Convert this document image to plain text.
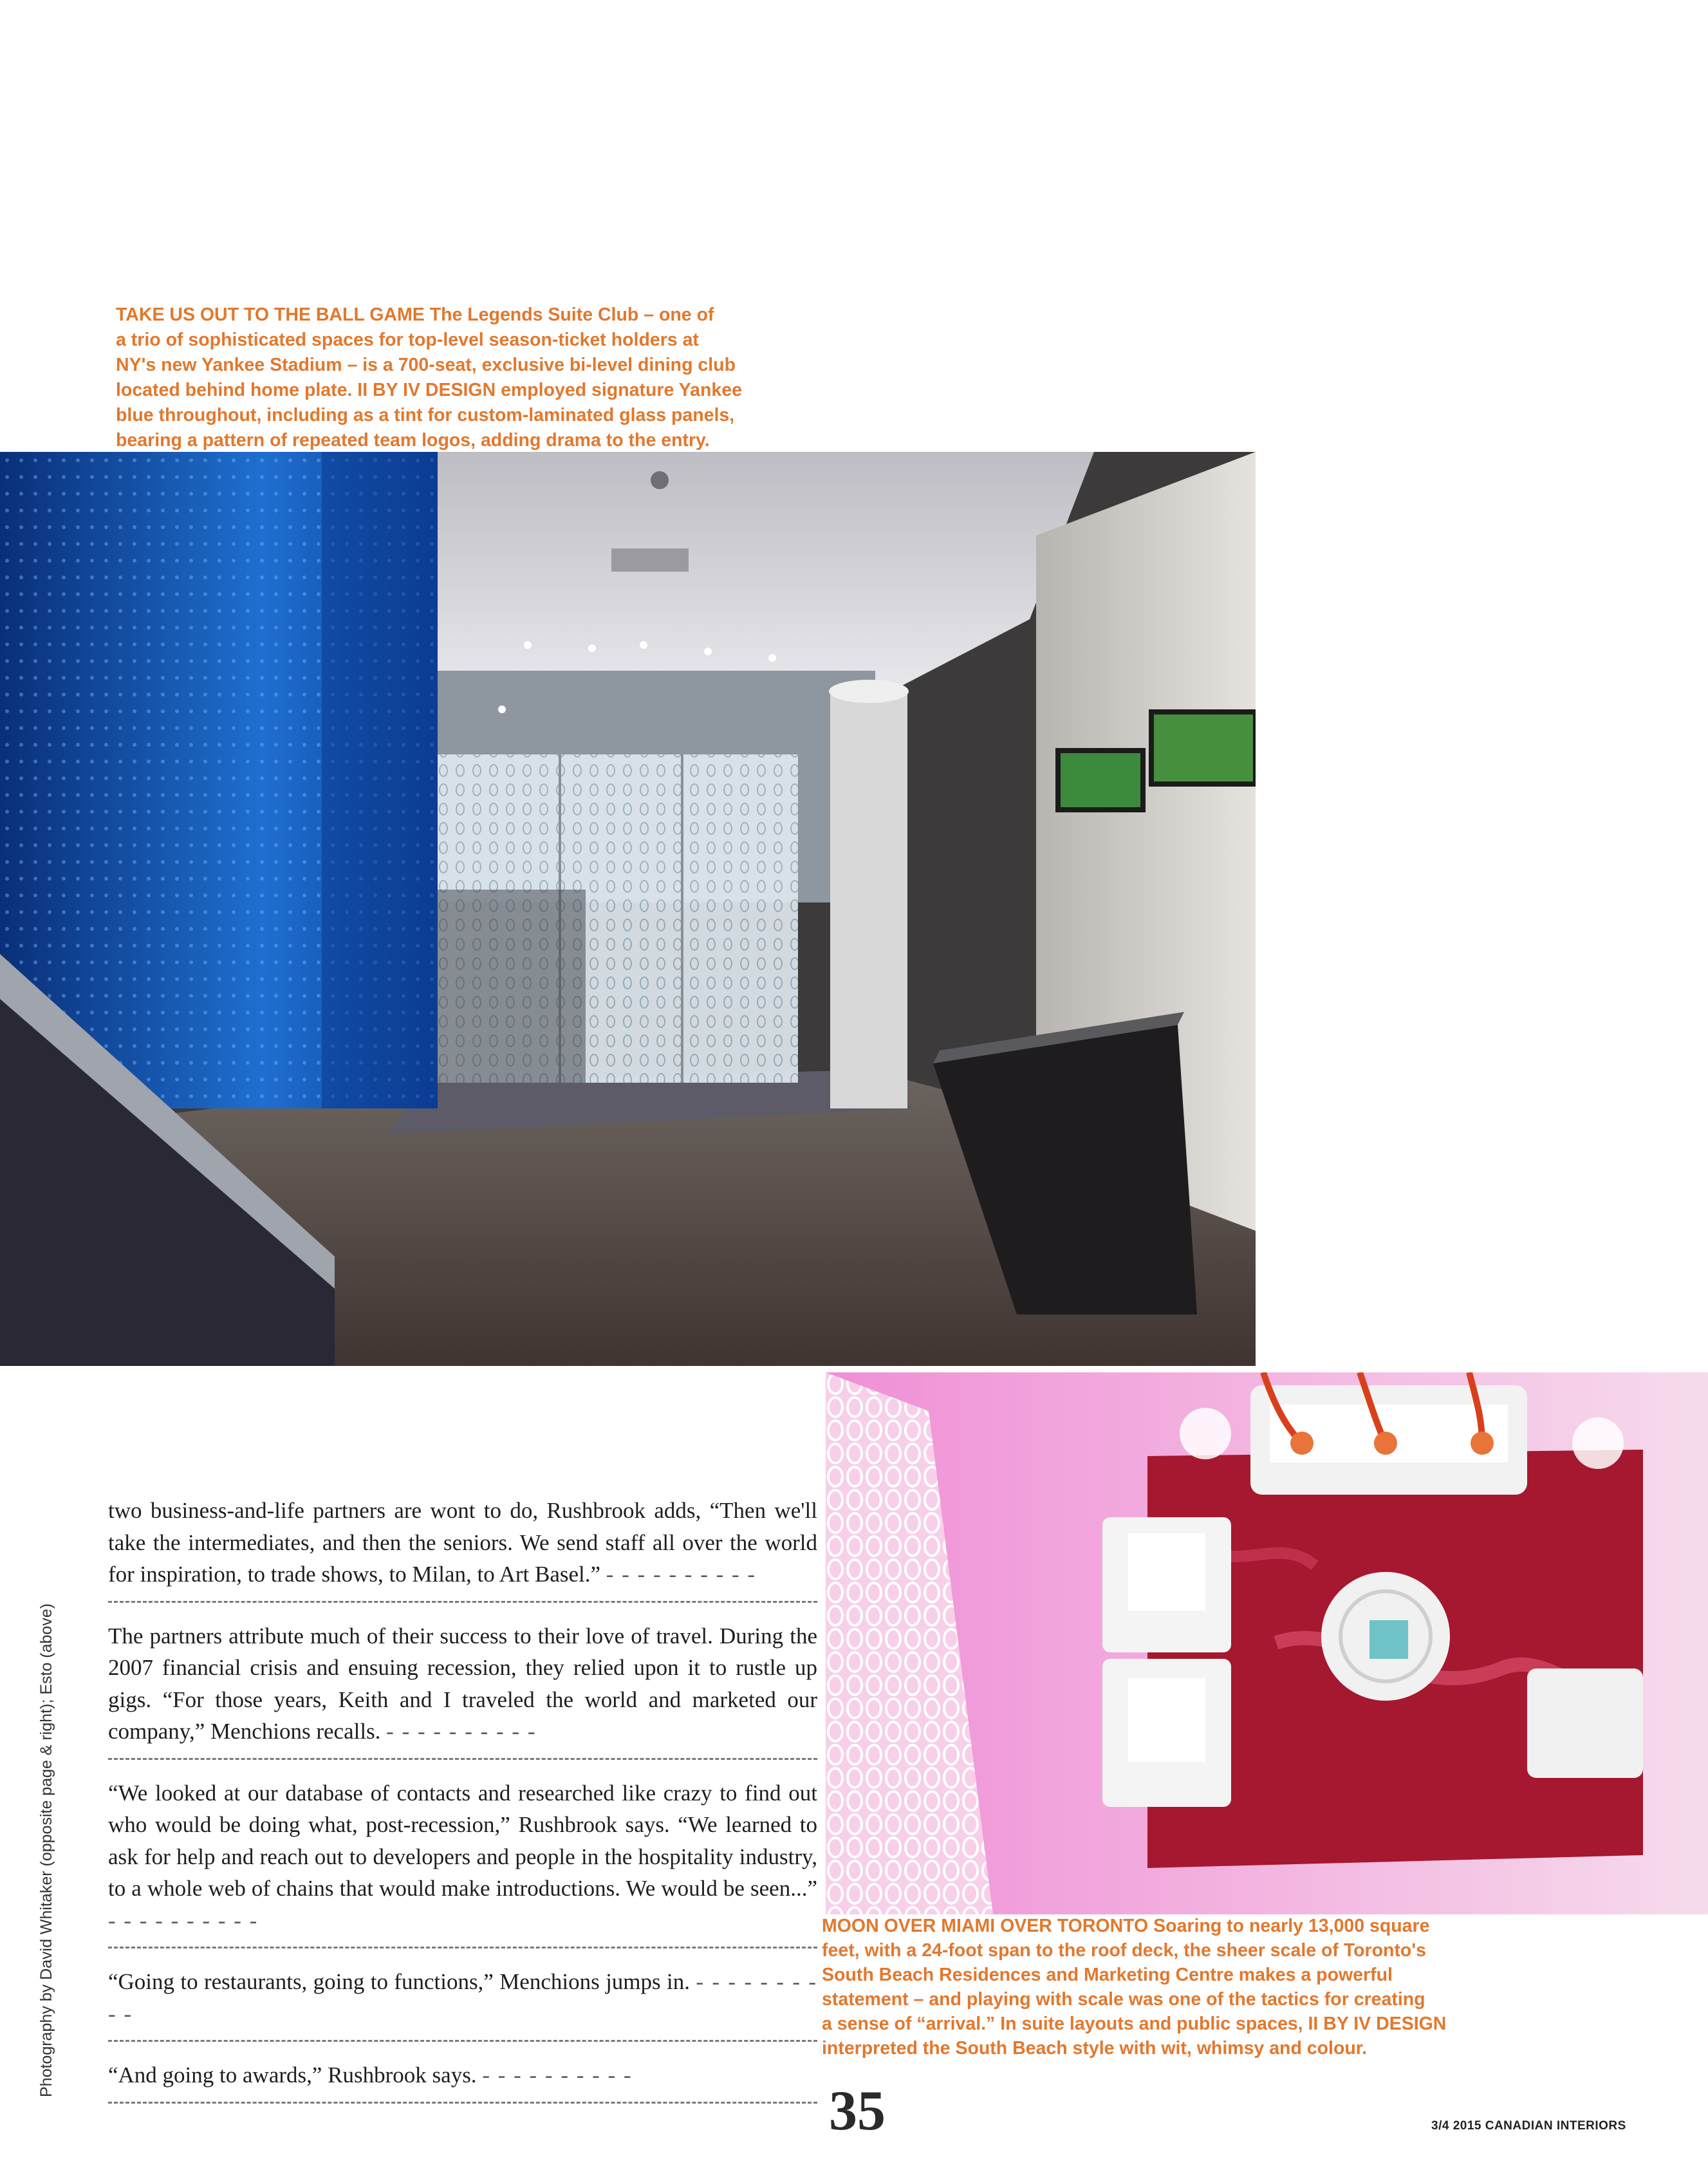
TAKE US OUT TO THE BALL GAME The Legends Suite Club – one of

a trio of sophisticated spaces for top-level season-ticket holders at

NY's new Yankee Stadium – is a 700-seat, exclusive bi-level dining club

located behind home plate. II BY IV DESIGN employed signature Yankee

blue throughout, including as a tint for custom-laminated glass panels,

bearing a pattern of repeated team logos, adding drama to the entry.

two business-and-life partners are wont to do, Rushbrook adds, “Then we'll take the intermediates, and then the seniors. We send staff all over the world for inspiration, to trade shows, to Milan, to Art Basel.” - - - - - - - - - -

The partners attribute much of their success to their love of travel. During the 2007 financial crisis and ensuing recession, they relied upon it to rustle up gigs. “For those years, Keith and I traveled the world and marketed our company,” Menchions recalls. - - - - - - - - - -

“We looked at our database of contacts and researched like crazy to find out who would be doing what, post-recession,” Rushbrook says. “We learned to ask for help and reach out to developers and people in the hospitality industry, to a whole web of chains that would make introductions. We would be seen...” - - - - - - - - - -

“Going to restaurants, going to functions,” Menchions jumps in. - - - - - - - - - -

“And going to awards,” Rushbrook says. - - - - - - - - - -

MOON OVER MIAMI OVER TORONTO Soaring to nearly 13,000 square

feet, with a 24-foot span to the roof deck, the sheer scale of Toronto's

South Beach Residences and Marketing Centre makes a powerful

statement – and playing with scale was one of the tactics for creating

a sense of “arrival.” In suite layouts and public spaces, II BY IV DESIGN

interpreted the South Beach style with wit, whimsy and colour.

35	3/4 2015 CANADIAN INTERIORS
Photography by David Whitaker (opposite page & right); Esto (above)
